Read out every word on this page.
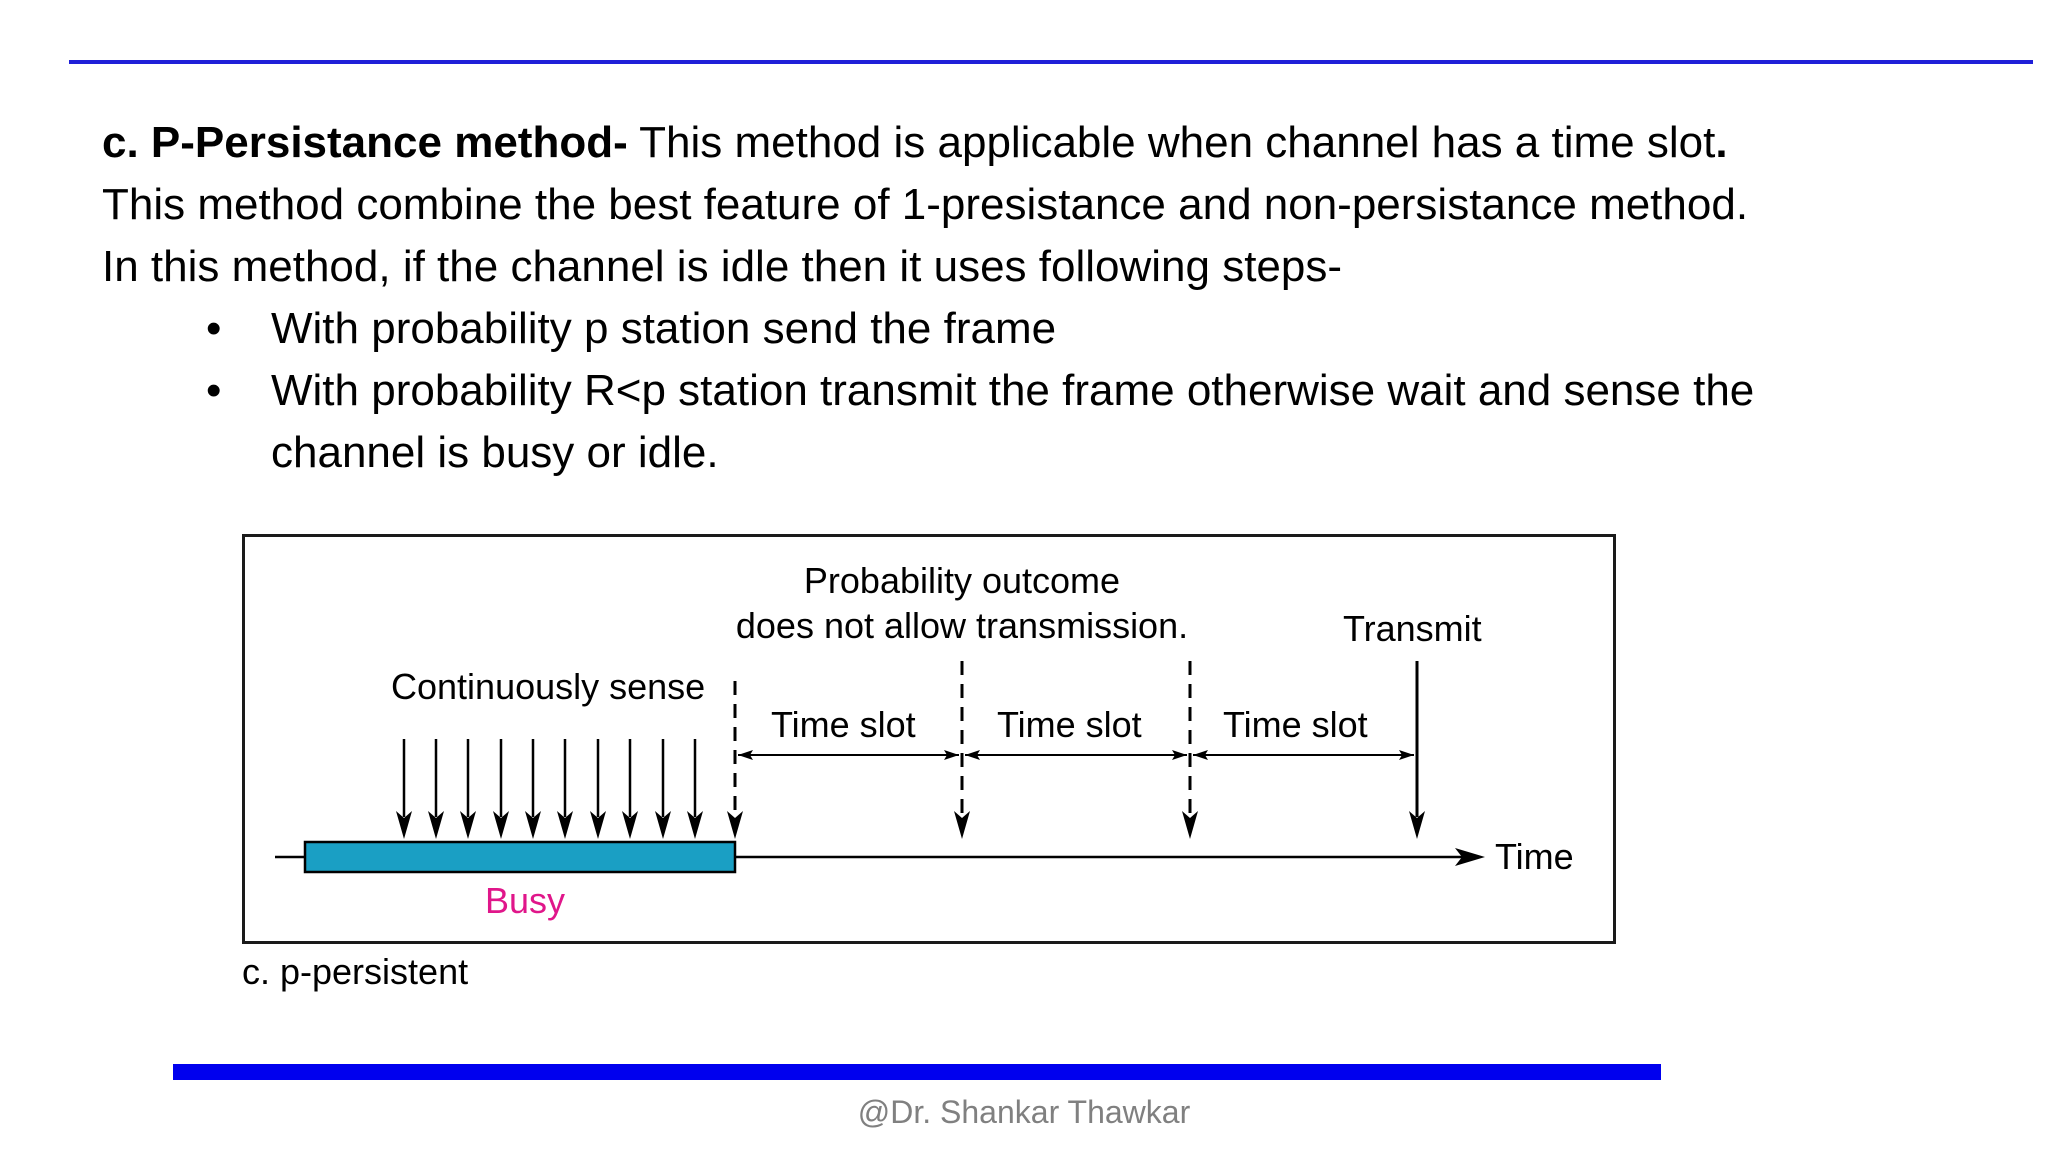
c. P-Persistance method- This method is applicable when channel has a time slot.
This method combine the best feature of 1-presistance and non-persistance method.
In this method, if the channel is idle then it uses following steps-
• With probability p station send the frame
• With probability R<p station transmit the frame otherwise wait and sense the
channel is busy or idle.
Time
Busy
Continuously sense
Transmit
Probability outcome
does not allow transmission.
Time slot Time slot Time slot
c. p-persistent
@Dr. Shankar Thawkar
